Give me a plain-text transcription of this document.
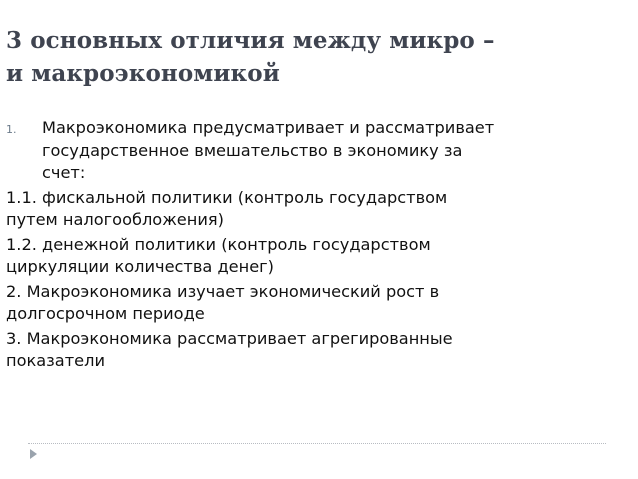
3 основных отличия между микро –
и макроэкономикой
1. Макроэкономика предусматривает и рассматривает
государственное вмешательство в экономику за
счет:
1.1. фискальной политики (контроль государством
путем налогообложения)
1.2. денежной политики (контроль государством
циркуляции количества денег)
2. Макроэкономика изучает экономический рост в
долгосрочном периоде
3. Макроэкономика рассматривает агрегированные
показатели
